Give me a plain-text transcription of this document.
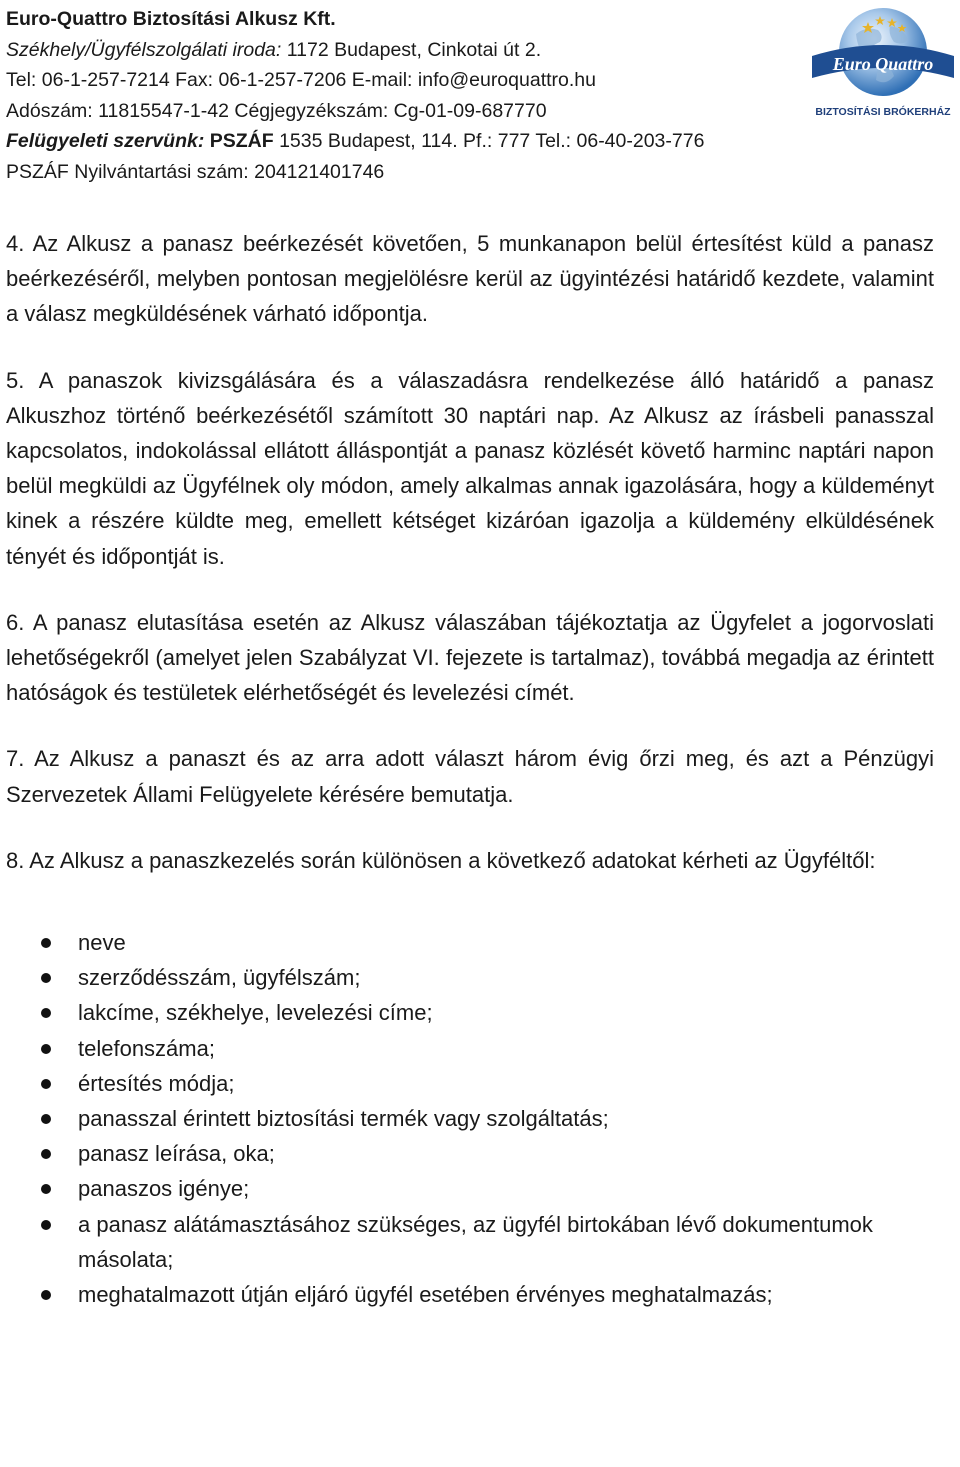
Euro-Quattro Biztosítási Alkusz Kft.
Székhely/Ügyfélszolgálati iroda: 1172 Budapest, Cinkotai út 2.
Tel: 06-1-257-7214 Fax: 06-1-257-7206 E-mail: info@euroquattro.hu
Adószám: 11815547-1-42 Cégjegyzékszám: Cg-01-09-687770
Felügyeleti szervünk: PSZÁF 1535 Budapest, 114. Pf.: 777 Tel.: 06-40-203-776
PSZÁF Nyilvántartási szám: 204121401746
Euro Quattro
BIZTOSÍTÁSI BRÓKERHÁZ

4. Az Alkusz a panasz beérkezését követően, 5 munkanapon belül értesítést küld a panasz beérkezéséről, melyben pontosan megjelölésre kerül az ügyintézési határidő kezdete, valamint a válasz megküldésének várható időpontja.

5. A panaszok kivizsgálására és a válaszadásra rendelkezése álló határidő a panasz Alkuszhoz történő beérkezésétől számított 30 naptári nap. Az Alkusz az írásbeli panasszal kapcsolatos, indokolással ellátott álláspontját a panasz közlését követő harminc naptári napon belül megküldi az Ügyfélnek oly módon, amely alkalmas annak igazolására, hogy a küldeményt kinek a részére küldte meg, emellett kétséget kizáróan igazolja a küldemény elküldésének tényét és időpontját is.

6. A panasz elutasítása esetén az Alkusz válaszában tájékoztatja az Ügyfelet a jogorvoslati lehetőségekről (amelyet jelen Szabályzat VI. fejezete is tartalmaz), továbbá megadja az érintett hatóságok és testületek elérhetőségét és levelezési címét.

7. Az Alkusz a panaszt és az arra adott választ három évig őrzi meg, és azt a Pénzügyi Szervezetek Állami Felügyelete kérésére bemutatja.

8. Az Alkusz a panaszkezelés során különösen a következő adatokat kérheti az Ügyféltől:

neve
szerződésszám, ügyfélszám;
lakcíme, székhelye, levelezési címe;
telefonszáma;
értesítés módja;
panasszal érintett biztosítási termék vagy szolgáltatás;
panasz leírása, oka;
panaszos igénye;
a panasz alátámasztásához szükséges, az ügyfél birtokában lévő dokumentumok másolata;
meghatalmazott útján eljáró ügyfél esetében érvényes meghatalmazás;
